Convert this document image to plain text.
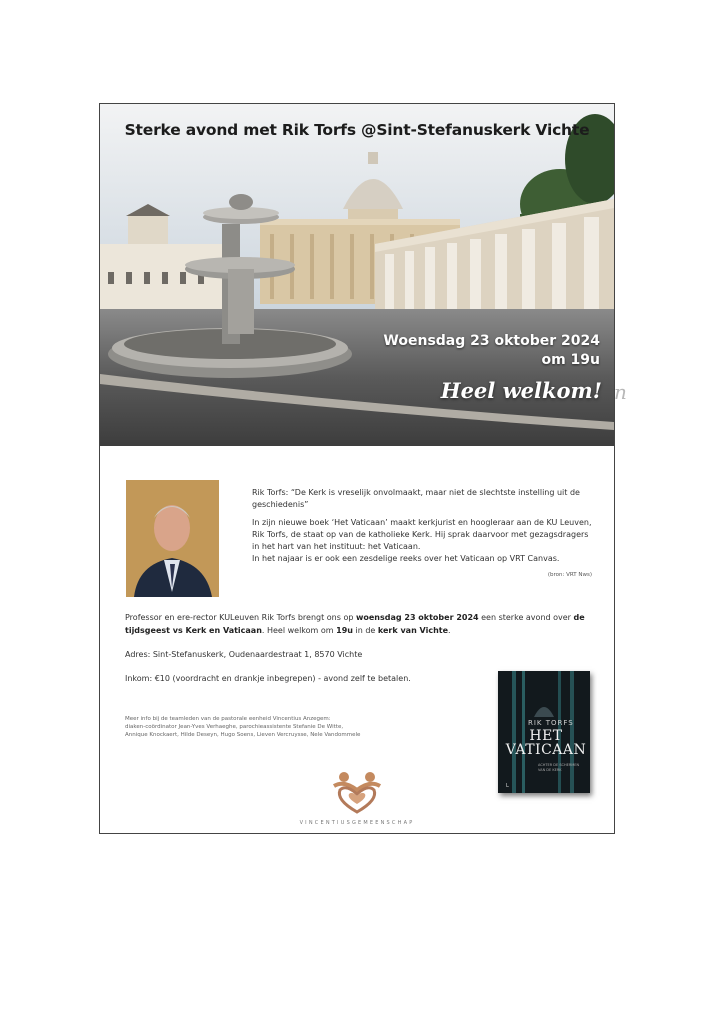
Sterke avond met Rik Torfs @Sint-Stefanuskerk Vichte
Woensdag 23 oktober 2024
om 19u
Heel welkom!

Rik Torfs: “De Kerk is vreselijk onvolmaakt, maar niet de slechtste instelling uit de geschiedenis”

In zijn nieuwe boek ‘Het Vaticaan’ maakt kerkjurist en hoogleraar aan de KU Leuven, Rik Torfs, de staat op van de katholieke Kerk. Hij sprak daarvoor met gezagsdragers in het hart van het instituut: het Vaticaan.
In het najaar is er ook een zesdelige reeks over het Vaticaan op VRT Canvas.

(bron: VRT Nws)

Professor en ere-rector KULeuven Rik Torfs brengt ons op woensdag 23 oktober 2024 een sterke avond over de tijdsgeest vs Kerk en Vaticaan. Heel welkom om 19u in de kerk van Vichte.

Adres: Sint-Stefanuskerk, Oudenaardestraat 1, 8570 Vichte

Inkom: €10 (voordracht en drankje inbegrepen) - avond zelf te betalen.

Meer info bij de teamleden van de pastorale eenheid Vincentius Anzegem:
diaken-coördinator Jean-Yves Verhaeghe, parochieassistente Stefanie De Witte,
Annique Knockaert, Hilde Deseyn, Hugo Soens, Lieven Vercruysse, Nele Vandommele
RIK TORFS
HET
VATICAAN
ACHTER DE SCHERMEN VAN DE KERK
L
VINCENTIUSGEMEENSCHAP
n
